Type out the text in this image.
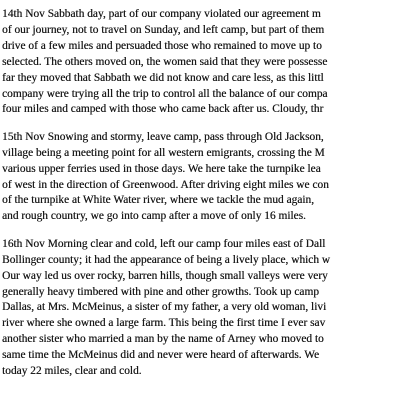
14th Nov Sabbath day, part of our company violated our agreement m
of our journey, not to travel on Sunday, and left camp, but part of them
drive of a few miles and persuaded those who remained to move up to
selected. The others moved on, the women said that they were possesse
far they moved that Sabbath we did not know and care less, as this littl
company were trying all the trip to control all the balance of our compa
four miles and camped with those who came back after us. Cloudy, thr

15th Nov Snowing and stormy, leave camp, pass through Old Jackson,
village being a meeting point for all western emigrants, crossing the M
various upper ferries used in those days. We here take the turnpike lea
of west in the direction of Greenwood. After driving eight miles we con
of the turnpike at White Water river, where we tackle the mud again,
and rough country, we go into camp after a move of only 16 miles.

16th Nov Morning clear and cold, left our camp four miles east of Dall
Bollinger county; it had the appearance of being a lively place, which w
Our way led us over rocky, barren hills, though small valleys were very
generally heavy timbered with pine and other growths. Took up camp
Dallas, at Mrs. McMeinus, a sister of my father, a very old woman, livi
river where she owned a large farm. This being the first time I ever sav
another sister who married a man by the name of Arney who moved to
same time the McMeinus did and never were heard of afterwards. We
today 22 miles, clear and cold.
